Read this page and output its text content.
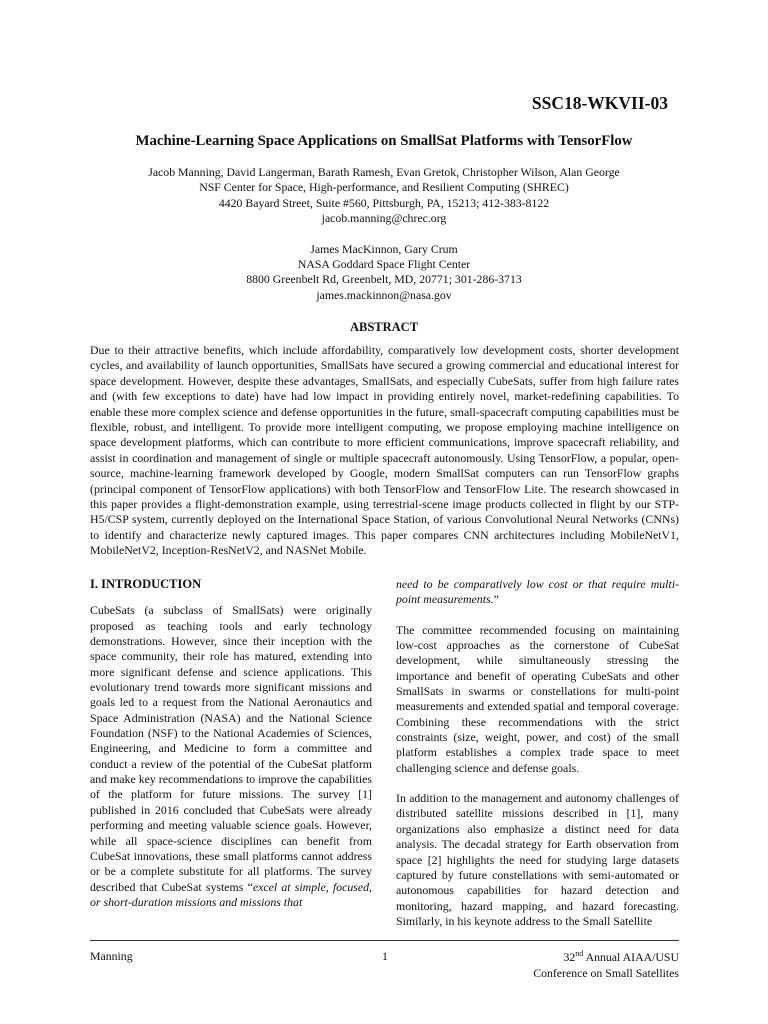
SSC18-WKVII-03
Machine-Learning Space Applications on SmallSat Platforms with TensorFlow
Jacob Manning, David Langerman, Barath Ramesh, Evan Gretok, Christopher Wilson, Alan George
NSF Center for Space, High-performance, and Resilient Computing (SHREC)
4420 Bayard Street, Suite #560, Pittsburgh, PA, 15213; 412-383-8122
jacob.manning@chrec.org
James MacKinnon, Gary Crum
NASA Goddard Space Flight Center
8800 Greenbelt Rd, Greenbelt, MD, 20771; 301-286-3713
james.mackinnon@nasa.gov
ABSTRACT

Due to their attractive benefits, which include affordability, comparatively low development costs, shorter development cycles, and availability of launch opportunities, SmallSats have secured a growing commercial and educational interest for space development. However, despite these advantages, SmallSats, and especially CubeSats, suffer from high failure rates and (with few exceptions to date) have had low impact in providing entirely novel, market-redefining capabilities. To enable these more complex science and defense opportunities in the future, small-spacecraft computing capabilities must be flexible, robust, and intelligent. To provide more intelligent computing, we propose employing machine intelligence on space development platforms, which can contribute to more efficient communications, improve spacecraft reliability, and assist in coordination and management of single or multiple spacecraft autonomously. Using TensorFlow, a popular, open-source, machine-learning framework developed by Google, modern SmallSat computers can run TensorFlow graphs (principal component of TensorFlow applications) with both TensorFlow and TensorFlow Lite. The research showcased in this paper provides a flight-demonstration example, using terrestrial-scene image products collected in flight by our STP-H5/CSP system, currently deployed on the International Space Station, of various Convolutional Neural Networks (CNNs) to identify and characterize newly captured images. This paper compares CNN architectures including MobileNetV1, MobileNetV2, Inception-ResNetV2, and NASNet Mobile.

I. INTRODUCTION

CubeSats (a subclass of SmallSats) were originally proposed as teaching tools and early technology demonstrations. However, since their inception with the space community, their role has matured, extending into more significant defense and science applications. This evolutionary trend towards more significant missions and goals led to a request from the National Aeronautics and Space Administration (NASA) and the National Science Foundation (NSF) to the National Academies of Sciences, Engineering, and Medicine to form a committee and conduct a review of the potential of the CubeSat platform and make key recommendations to improve the capabilities of the platform for future missions. The survey [1] published in 2016 concluded that CubeSats were already performing and meeting valuable science goals. However, while all space-science disciplines can benefit from CubeSat innovations, these small platforms cannot address or be a complete substitute for all platforms. The survey described that CubeSat systems “excel at simple, focused, or short-duration missions and missions that

need to be comparatively low cost or that require multi-point measurements.”

The committee recommended focusing on maintaining low-cost approaches as the cornerstone of CubeSat development, while simultaneously stressing the importance and benefit of operating CubeSats and other SmallSats in swarms or constellations for multi-point measurements and extended spatial and temporal coverage. Combining these recommendations with the strict constraints (size, weight, power, and cost) of the small platform establishes a complex trade space to meet challenging science and defense goals.

In addition to the management and autonomy challenges of distributed satellite missions described in [1], many organizations also emphasize a distinct need for data analysis. The decadal strategy for Earth observation from space [2] highlights the need for studying large datasets captured by future constellations with semi-automated or autonomous capabilities for hazard detection and monitoring, hazard mapping, and hazard forecasting. Similarly, in his keynote address to the Small Satellite

Manning	1	32nd Annual AIAA/USU
Conference on Small Satellites
